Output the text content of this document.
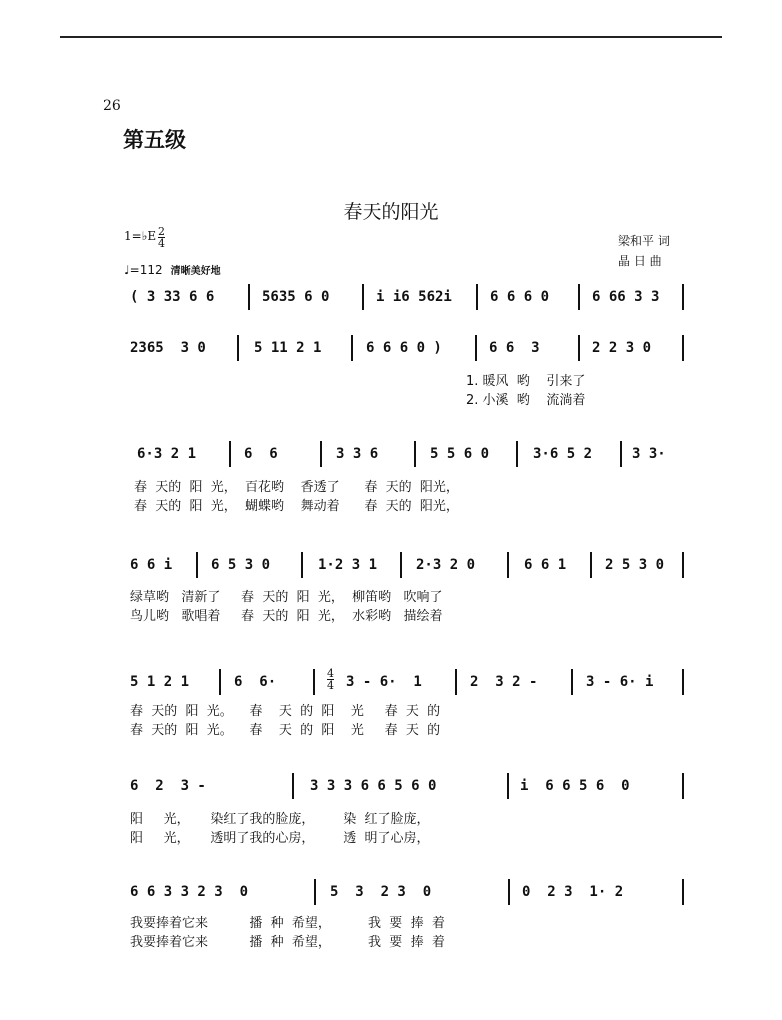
26
第五级
春天的阳光
1=♭E $\frac{2}{4}$
♩=112 清晰美好地
梁和平 词
晶 日 曲
( 3 33 6 6	5635 6 0	i i6 562i	6 6 6 0	6 66 3 3
2365  3 0	5 11 2 1	6 6 6 0 )	6 6  3	2 2 3 0
1. 暖风  哟    引来了
2. 小溪  哟    流淌着
6·3 2 1	6  6	3 3 6	5 5 6 0	3·6 5 2	3 3·
春  天的  阳  光，  百花哟    香透了      春  天的  阳光，
春  天的  阳  光，  蝴蝶哟    舞动着      春  天的  阳光，
6 6 i	6 5 3 0	1·2 3 1	2·3 2 0	6 6 1	2 5 3 0
绿草哟   清新了     春  天的  阳  光，  柳笛哟   吹响了
鸟儿哟   歌唱着     春  天的  阳  光，  水彩哟   描绘着
5 1 2 1	6  6·	3 - 6·  1	2  3 2 -	3 - 6· i
$\frac{4}{4}$
春  天的  阳  光。    春    天  的  阳    光     春  天  的
春  天的  阳  光。    春    天  的  阳    光     春  天  的
6  2  3 -	3 3 3 6 6 5 6 0	i  6 6 5 6  0
阳     光，     染红了我的脸庞，       染  红了脸庞，
阳     光，     透明了我的心房，       透  明了心房，
6 6 3 3 2 3  0	5  3  2 3  0	0  2 3  1· 2
我要捧着它来          播  种  希望，         我  要  捧  着
我要捧着它来          播  种  希望，         我  要  捧  着
